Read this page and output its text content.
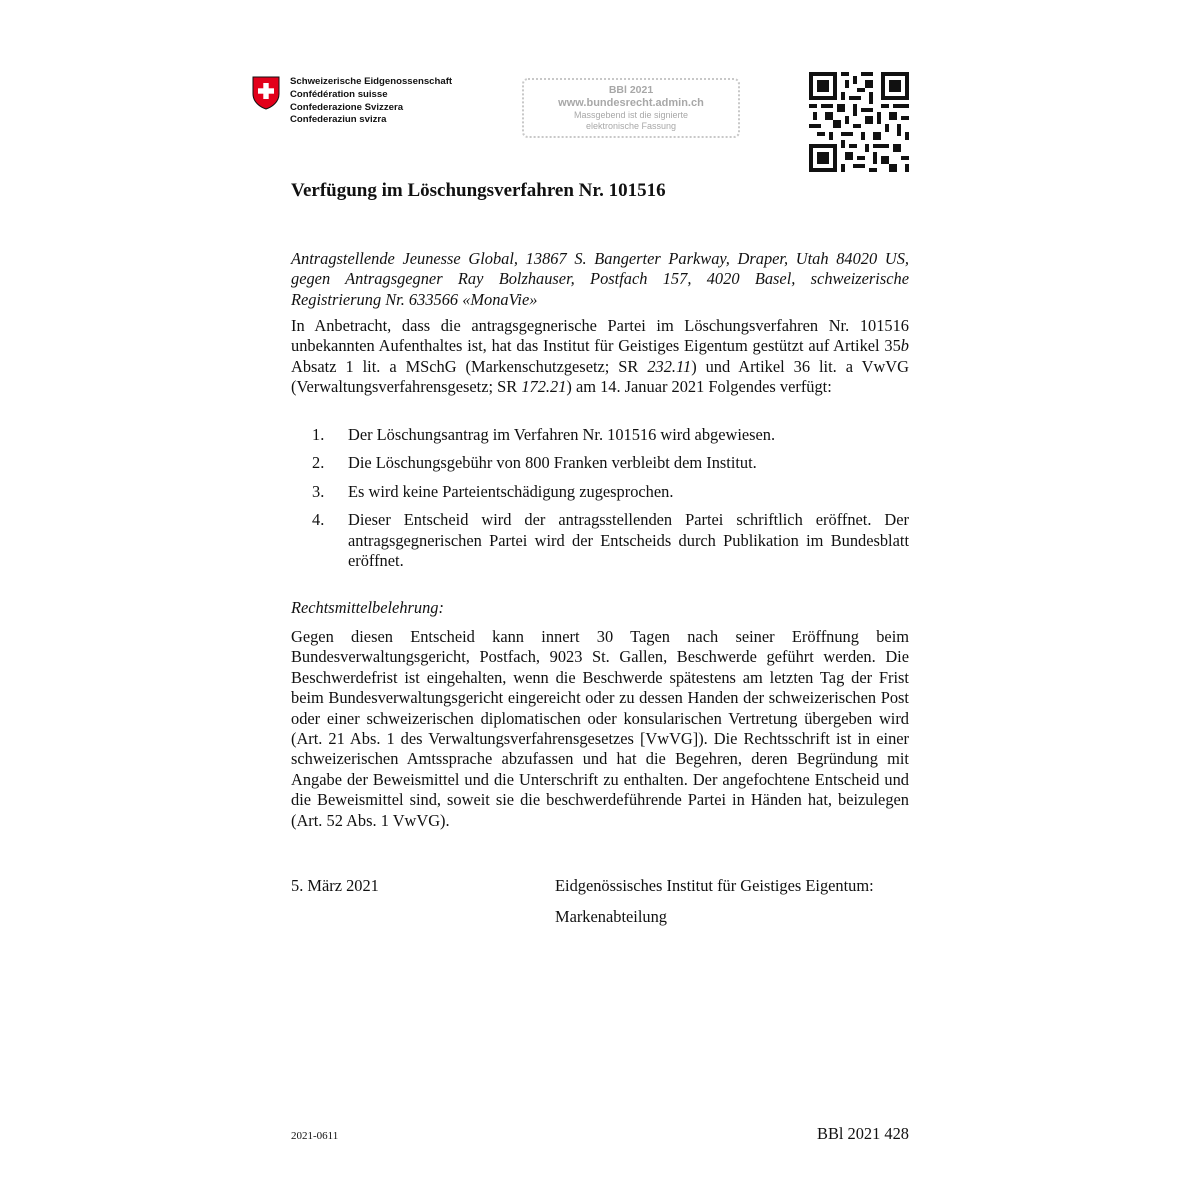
Schweizerische Eidgenossenschaft
Confédération suisse
Confederazione Svizzera
Confederaziun svizra
BBl 2021
www.bundesrecht.admin.ch
Massgebend ist die signierte
elektronische Fassung
Verfügung im Löschungsverfahren Nr. 101516
Antragstellende Jeunesse Global, 13867 S. Bangerter Parkway, Draper, Utah 84020 US, gegen Antragsgegner Ray Bolzhauser, Postfach 157, 4020 Basel, schweizerische Registrierung Nr. 633566 «MonaVie»
In Anbetracht, dass die antragsgegnerische Partei im Löschungsverfahren Nr. 101516 unbekannten Aufenthaltes ist, hat das Institut für Geistiges Eigentum gestützt auf Artikel 35b Absatz 1 lit. a MSchG (Markenschutzgesetz; SR 232.11) und Artikel 36 lit. a VwVG (Verwaltungsverfahrensgesetz; SR 172.21) am 14. Januar 2021 Folgendes verfügt:
1. Der Löschungsantrag im Verfahren Nr. 101516 wird abgewiesen.
2. Die Löschungsgebühr von 800 Franken verbleibt dem Institut.
3. Es wird keine Parteientschädigung zugesprochen.
4. Dieser Entscheid wird der antragsstellenden Partei schriftlich eröffnet. Der antragsgegnerischen Partei wird der Entscheids durch Publikation im Bundesblatt eröffnet.
Rechtsmittelbelehrung:
Gegen diesen Entscheid kann innert 30 Tagen nach seiner Eröffnung beim Bundesverwaltungsgericht, Postfach, 9023 St. Gallen, Beschwerde geführt werden. Die Beschwerdefrist ist eingehalten, wenn die Beschwerde spätestens am letzten Tag der Frist beim Bundesverwaltungsgericht eingereicht oder zu dessen Handen der schweizerischen Post oder einer schweizerischen diplomatischen oder konsularischen Vertretung übergeben wird (Art. 21 Abs. 1 des Verwaltungsverfahrensgesetzes [VwVG]). Die Rechtsschrift ist in einer schweizerischen Amtssprache abzufassen und hat die Begehren, deren Begründung mit Angabe der Beweismittel und die Unterschrift zu enthalten. Der angefochtene Entscheid und die Beweismittel sind, soweit sie die beschwerdeführende Partei in Händen hat, beizulegen (Art. 52 Abs. 1 VwVG).
5. März 2021	Eidgenössisches Institut für Geistiges Eigentum:
Markenabteilung
2021-0611	BBl 2021 428
